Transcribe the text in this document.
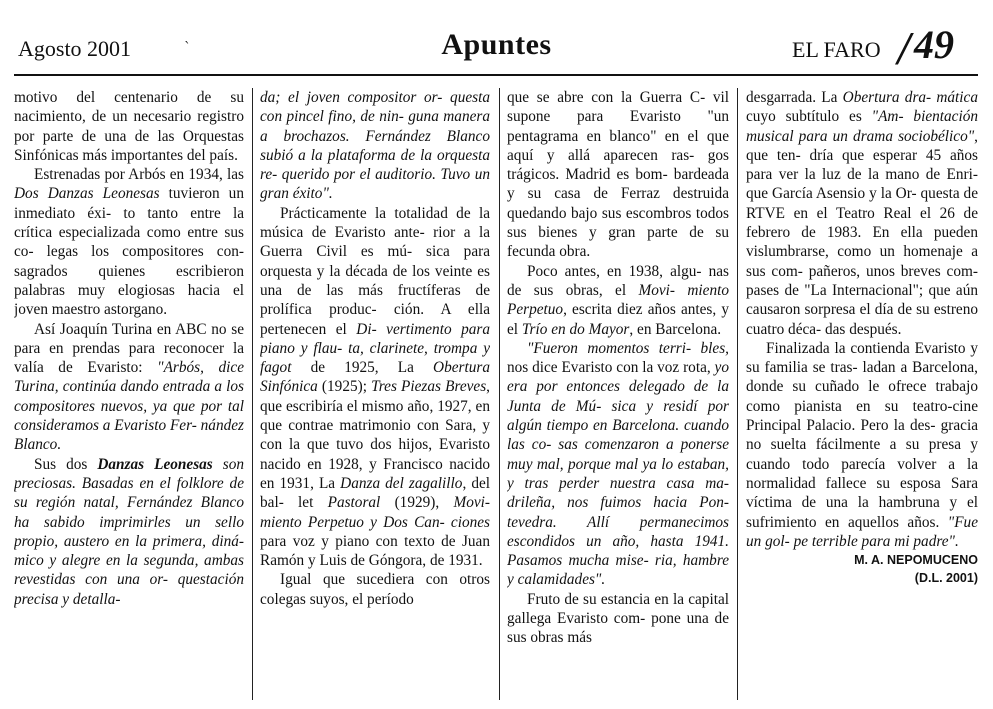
Agosto 2001	`	Apuntes	EL FARO / 49

motivo del centenario de su nacimiento, de un necesario registro por parte de una de las Orquestas Sinfónicas más importantes del país.

Estrenadas por Arbós en 1934, las Dos Danzas Leonesas tuvieron un inmediato éxi- to tanto entre la crítica especializada como entre sus co- legas los compositores con- sagrados quienes escribieron palabras muy elogiosas hacia el joven maestro astorgano.

Así Joaquín Turina en ABC no se para en prendas para reconocer la valía de Evaristo: "Arbós, dice Turina, continúa dando entrada a los compositores nuevos, ya que por tal consideramos a Evaristo Fer- nández Blanco.

Sus dos Danzas Leonesas son preciosas. Basadas en el folklore de su región natal, Fernández Blanco ha sabido imprimirles un sello propio, austero en la primera, diná- mico y alegre en la segunda, ambas revestidas con una or- questación precisa y detalla-

da; el joven compositor or- questa con pincel fino, de nin- guna manera a brochazos. Fernández Blanco subió a la plataforma de la orquesta re- querido por el auditorio. Tuvo un gran éxito".

Prácticamente la totalidad de la música de Evaristo ante- rior a la Guerra Civil es mú- sica para orquesta y la década de los veinte es una de las más fructíferas de prolífica produc- ción. A ella pertenecen el Di- vertimento para piano y flau- ta, clarinete, trompa y fagot de 1925, La Obertura Sinfónica (1925); Tres Piezas Breves, que escribiría el mismo año, 1927, en que contrae matrimonio con Sara, y con la que tuvo dos hijos, Evaristo nacido en 1928, y Francisco nacido en 1931, La Danza del zagalillo, del bal- let Pastoral (1929), Movi- miento Perpetuo y Dos Can- ciones para voz y piano con texto de Juan Ramón y Luis de Góngora, de 1931.

Igual que sucediera con otros colegas suyos, el período

que se abre con la Guerra C- vil supone para Evaristo "un pentagrama en blanco" en el que aquí y allá aparecen ras- gos trágicos. Madrid es bom- bardeada y su casa de Ferraz destruida quedando bajo sus escombros todos sus bienes y gran parte de su fecunda obra.

Poco antes, en 1938, algu- nas de sus obras, el Movi- miento Perpetuo, escrita diez años antes, y el Trío en do Mayor, en Barcelona.

"Fueron momentos terri- bles, nos dice Evaristo con la voz rota, yo era por entonces delegado de la Junta de Mú- sica y residí por algún tiempo en Barcelona. cuando las co- sas comenzaron a ponerse muy mal, porque mal ya lo estaban, y tras perder nuestra casa ma- drileña, nos fuimos hacia Pon- tevedra. Allí permanecimos escondidos un año, hasta 1941. Pasamos mucha mise- ria, hambre y calamidades".

Fruto de su estancia en la capital gallega Evaristo com- pone una de sus obras más

desgarrada. La Obertura dra- mática cuyo subtítulo es "Am- bientación musical para un drama sociobélico", que ten- dría que esperar 45 años para ver la luz de la mano de Enri- que García Asensio y la Or- questa de RTVE en el Teatro Real el 26 de febrero de 1983. En ella pueden vislumbrarse, como un homenaje a sus com- pañeros, unos breves com- pases de "La Internacional"; que aún causaron sorpresa el día de su estreno cuatro déca- das después.

Finalizada la contienda Evaristo y su familia se tras- ladan a Barcelona, donde su cuñado le ofrece trabajo como pianista en su teatro-cine Principal Palacio. Pero la des- gracia no suelta fácilmente a su presa y cuando todo parecía volver a la normalidad fallece su esposa Sara víctima de una la hambruna y el sufrimiento en aquellos años. "Fue un gol- pe terrible para mi padre".

M. A. NEPOMUCENO

(D.L. 2001)
